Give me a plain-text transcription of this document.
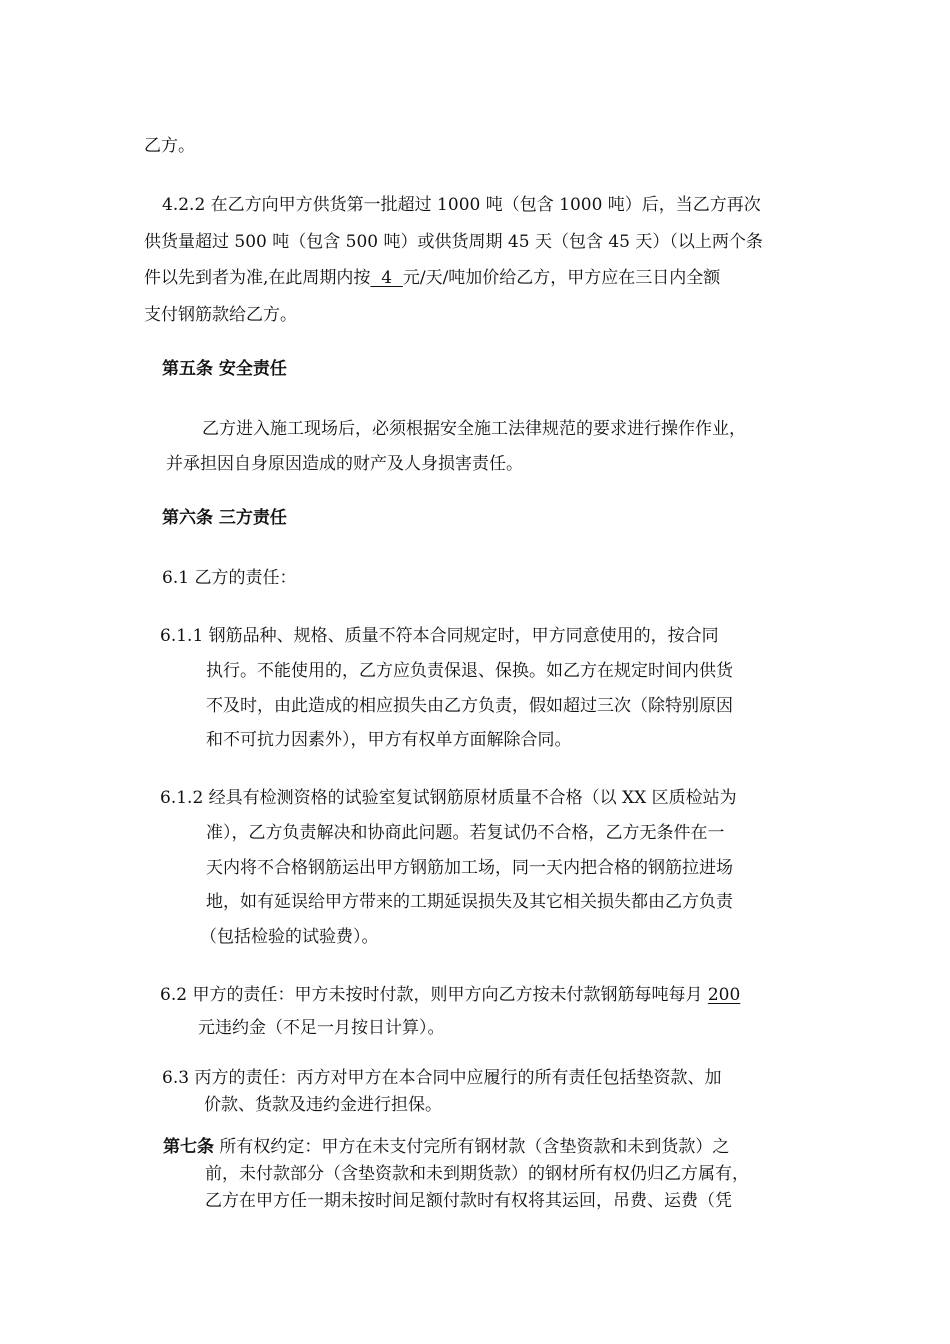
乙方。
4.2.2 在乙方向甲方供货第一批超过 1000 吨（包含 1000 吨）后，当乙方再次
供货量超过 500 吨（包含 500 吨）或供货周期 45 天（包含 45 天）（以上两个条
件以先到者为准,在此周期内按  4  元/天/吨加价给乙方，甲方应在三日内全额
支付钢筋款给乙方。
第五条 安全责任
乙方进入施工现场后，必须根据安全施工法律规范的要求进行操作作业，
并承担因自身原因造成的财产及人身损害责任。
第六条 三方责任
6.1 乙方的责任：
6.1.1 钢筋品种、规格、质量不符本合同规定时，甲方同意使用的，按合同
执行。不能使用的，乙方应负责保退、保换。如乙方在规定时间内供货
不及时，由此造成的相应损失由乙方负责，假如超过三次（除特别原因
和不可抗力因素外），甲方有权单方面解除合同。
6.1.2 经具有检测资格的试验室复试钢筋原材质量不合格（以 XX 区质检站为
准），乙方负责解决和协商此问题。若复试仍不合格，乙方无条件在一
天内将不合格钢筋运出甲方钢筋加工场，同一天内把合格的钢筋拉进场
地，如有延误给甲方带来的工期延误损失及其它相关损失都由乙方负责
（包括检验的试验费）。
6.2 甲方的责任：甲方未按时付款，则甲方向乙方按未付款钢筋每吨每月 200
元违约金（不足一月按日计算）。
6.3 丙方的责任：丙方对甲方在本合同中应履行的所有责任包括垫资款、加
价款、货款及违约金进行担保。
第七条 所有权约定：甲方在未支付完所有钢材款（含垫资款和未到货款）之
前，未付款部分（含垫资款和未到期货款）的钢材所有权仍归乙方属有，
乙方在甲方任一期未按时间足额付款时有权将其运回，吊费、运费（凭
